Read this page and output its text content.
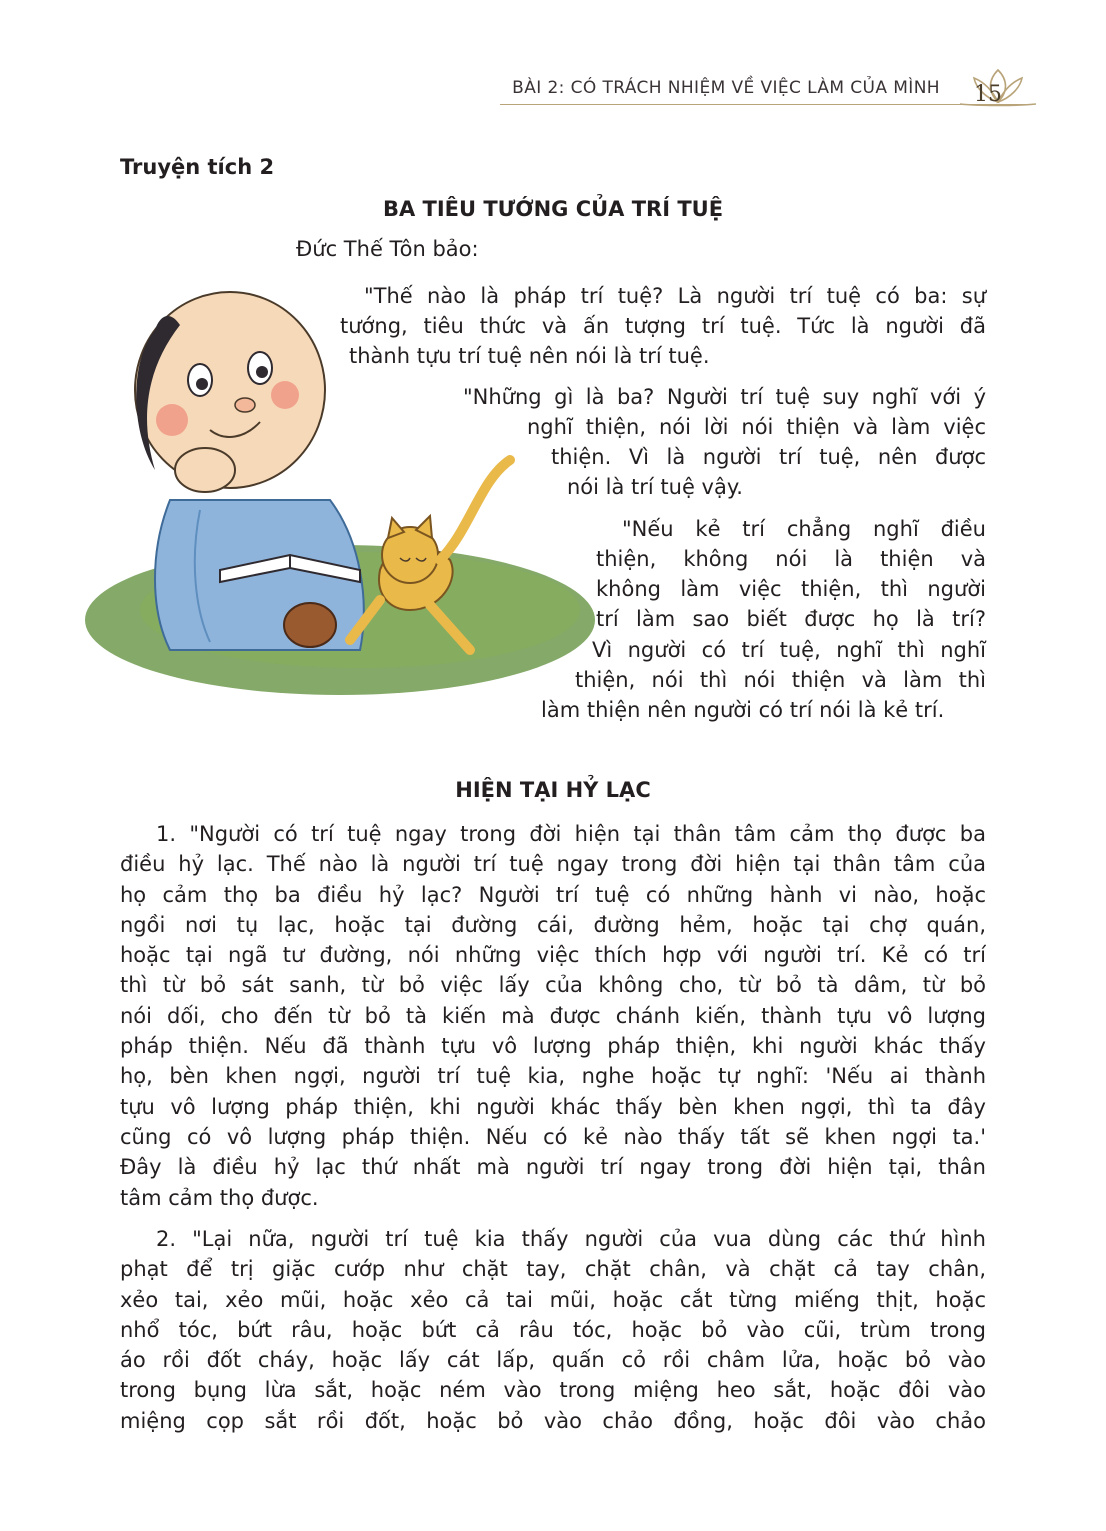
BÀI 2: CÓ TRÁCH NHIỆM VỀ VIỆC LÀM CỦA MÌNH 15
Truyện tích 2
BA TIÊU TƯỚNG CỦA TRÍ TUỆ
Đức Thế Tôn bảo:
"Thế nào là pháp trí tuệ? Là người trí tuệ có ba: sự
tướng, tiêu thức và ấn tượng trí tuệ. Tức là người đã
thành tựu trí tuệ nên nói là trí tuệ.
"Những gì là ba? Người trí tuệ suy nghĩ với ý
nghĩ thiện, nói lời nói thiện và làm việc
thiện. Vì là người trí tuệ, nên được
nói là trí tuệ vậy.
"Nếu kẻ trí chẳng nghĩ điều
thiện, không nói là thiện và
không làm việc thiện, thì người
trí làm sao biết được họ là trí?
Vì người có trí tuệ, nghĩ thì nghĩ
thiện, nói thì nói thiện và làm thì
làm thiện nên người có trí nói là kẻ trí.
HIỆN TẠI HỶ LẠC
1. "Người có trí tuệ ngay trong đời hiện tại thân tâm cảm thọ được ba
điều hỷ lạc. Thế nào là người trí tuệ ngay trong đời hiện tại thân tâm của
họ cảm thọ ba điều hỷ lạc? Người trí tuệ có những hành vi nào, hoặc
ngồi nơi tụ lạc, hoặc tại đường cái, đường hẻm, hoặc tại chợ quán,
hoặc tại ngã tư đường, nói những việc thích hợp với người trí. Kẻ có trí
thì từ bỏ sát sanh, từ bỏ việc lấy của không cho, từ bỏ tà dâm, từ bỏ
nói dối, cho đến từ bỏ tà kiến mà được chánh kiến, thành tựu vô lượng
pháp thiện. Nếu đã thành tựu vô lượng pháp thiện, khi người khác thấy
họ, bèn khen ngợi, người trí tuệ kia, nghe hoặc tự nghĩ: 'Nếu ai thành
tựu vô lượng pháp thiện, khi người khác thấy bèn khen ngợi, thì ta đây
cũng có vô lượng pháp thiện. Nếu có kẻ nào thấy tất sẽ khen ngợi ta.'
Đây là điều hỷ lạc thứ nhất mà người trí ngay trong đời hiện tại, thân
tâm cảm thọ được.
2. "Lại nữa, người trí tuệ kia thấy người của vua dùng các thứ hình
phạt để trị giặc cướp như chặt tay, chặt chân, và chặt cả tay chân,
xẻo tai, xẻo mũi, hoặc xẻo cả tai mũi, hoặc cắt từng miếng thịt, hoặc
nhổ tóc, bứt râu, hoặc bứt cả râu tóc, hoặc bỏ vào cũi, trùm trong
áo rồi đốt cháy, hoặc lấy cát lấp, quấn cỏ rồi châm lửa, hoặc bỏ vào
trong bụng lừa sắt, hoặc ném vào trong miệng heo sắt, hoặc đôi vào
miệng cọp sắt rồi đốt, hoặc bỏ vào chảo đồng, hoặc đôi vào chảo
